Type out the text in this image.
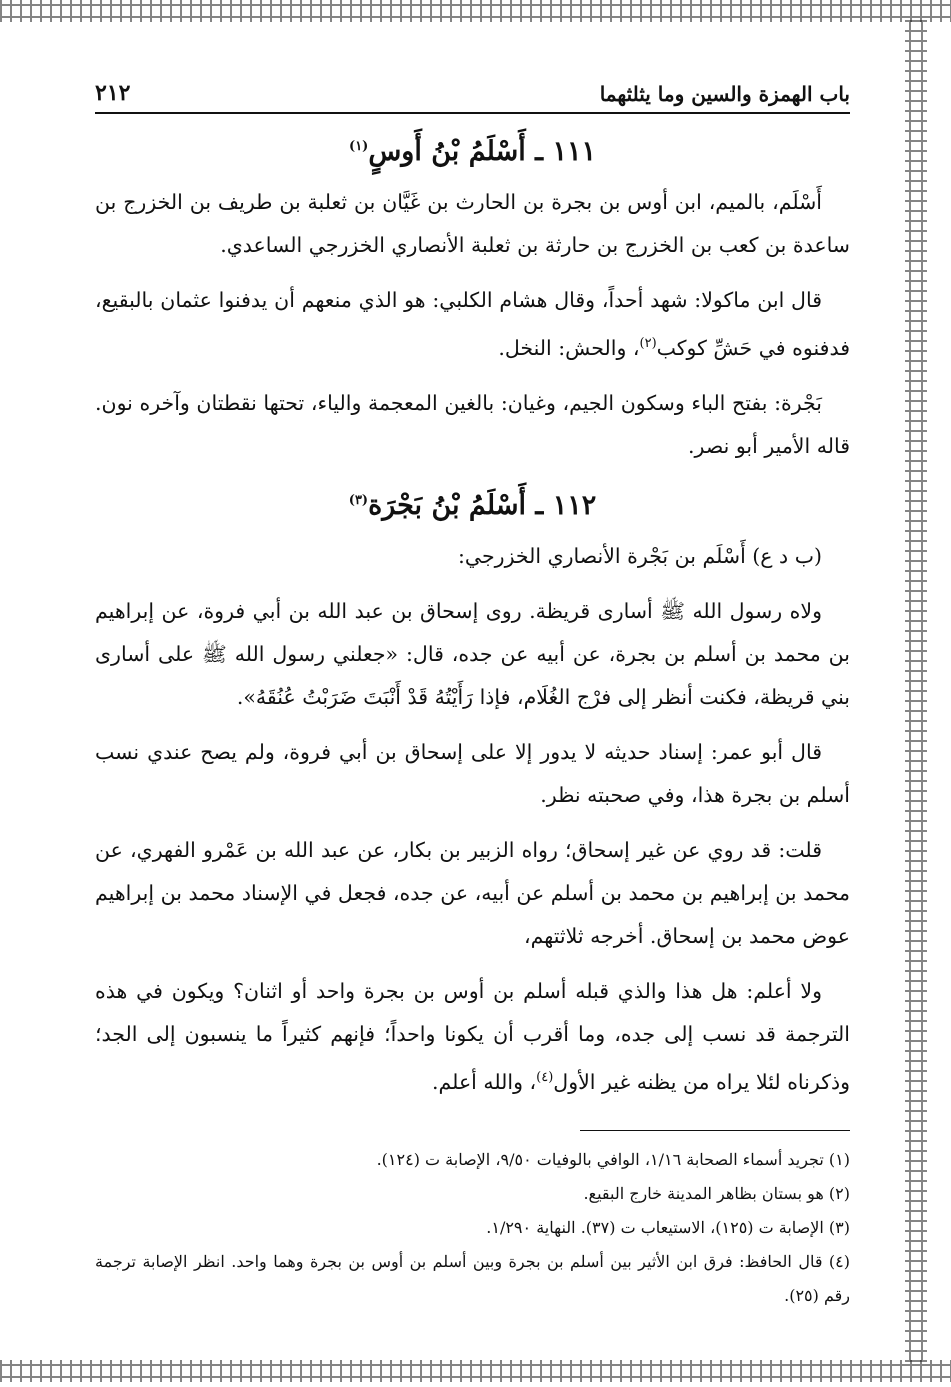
باب الهمزة والسين وما يثلثهما
٢١٢
١١١ ـ أَسْلَمُ بْنُ أَوسٍ$^{(١)}$

أَسْلَم، بالميم، ابن أوس بن بجرة بن الحارث بن غَيَّان بن ثعلبة بن طريف بن الخزرج بن ساعدة بن كعب بن الخزرج بن حارثة بن ثعلبة الأنصاري الخزرجي الساعدي.

قال ابن ماكولا: شهد أحداً، وقال هشام الكلبي: هو الذي منعهم أن يدفنوا عثمان بالبقيع، فدفنوه في حَشِّ كوكب$^{(٢)}$، والحش: النخل.

بَجْرة: بفتح الباء وسكون الجيم، وغيان: بالغين المعجمة والياء، تحتها نقطتان وآخره نون. قاله الأمير أبو نصر.

١١٢ ـ أَسْلَمُ بْنُ بَجْرَة$^{(٣)}$

(ب د ع) أَسْلَم بن بَجْرة الأنصاري الخزرجي:

ولاه رسول الله ﷺ أسارى قريظة. روى إسحاق بن عبد الله بن أبي فروة، عن إبراهيم بن محمد بن أسلم بن بجرة، عن أبيه عن جده، قال: «جعلني رسول الله ﷺ على أسارى بني قريظة، فكنت أنظر إلى فرْج الغُلَام، فإذا رَأَيْتُهُ قَدْ أَنْبَتَ ضَرَبْتُ عُنُقَهُ».

قال أبو عمر: إسناد حديثه لا يدور إلا على إسحاق بن أبي فروة، ولم يصح عندي نسب أسلم بن بجرة هذا، وفي صحبته نظر.

قلت: قد روي عن غير إسحاق؛ رواه الزبير بن بكار، عن عبد الله بن عَمْرو الفهري، عن محمد بن إبراهيم بن محمد بن أسلم عن أبيه، عن جده، فجعل في الإسناد محمد بن إبراهيم عوض محمد بن إسحاق. أخرجه ثلاثتهم،

ولا أعلم: هل هذا والذي قبله أسلم بن أوس بن بجرة واحد أو اثنان؟ ويكون في هذه الترجمة قد نسب إلى جده، وما أقرب أن يكونا واحداً؛ فإنهم كثيراً ما ينسبون إلى الجد؛ وذكرناه لئلا يراه من يظنه غير الأول$^{(٤)}$، والله أعلم.

(١) تجريد أسماء الصحابة ١/١٦، الوافي بالوفيات ٩/٥٠، الإصابة ت (١٢٤).

(٢) هو بستان بظاهر المدينة خارج البقيع.

(٣) الإصابة ت (١٢٥)، الاستيعاب ت (٣٧). النهاية ١/٢٩٠.

(٤) قال الحافظ: فرق ابن الأثير بين أسلم بن بجرة وبين أسلم بن أوس بن بجرة وهما واحد. انظر الإصابة ترجمة رقم (٢٥).
